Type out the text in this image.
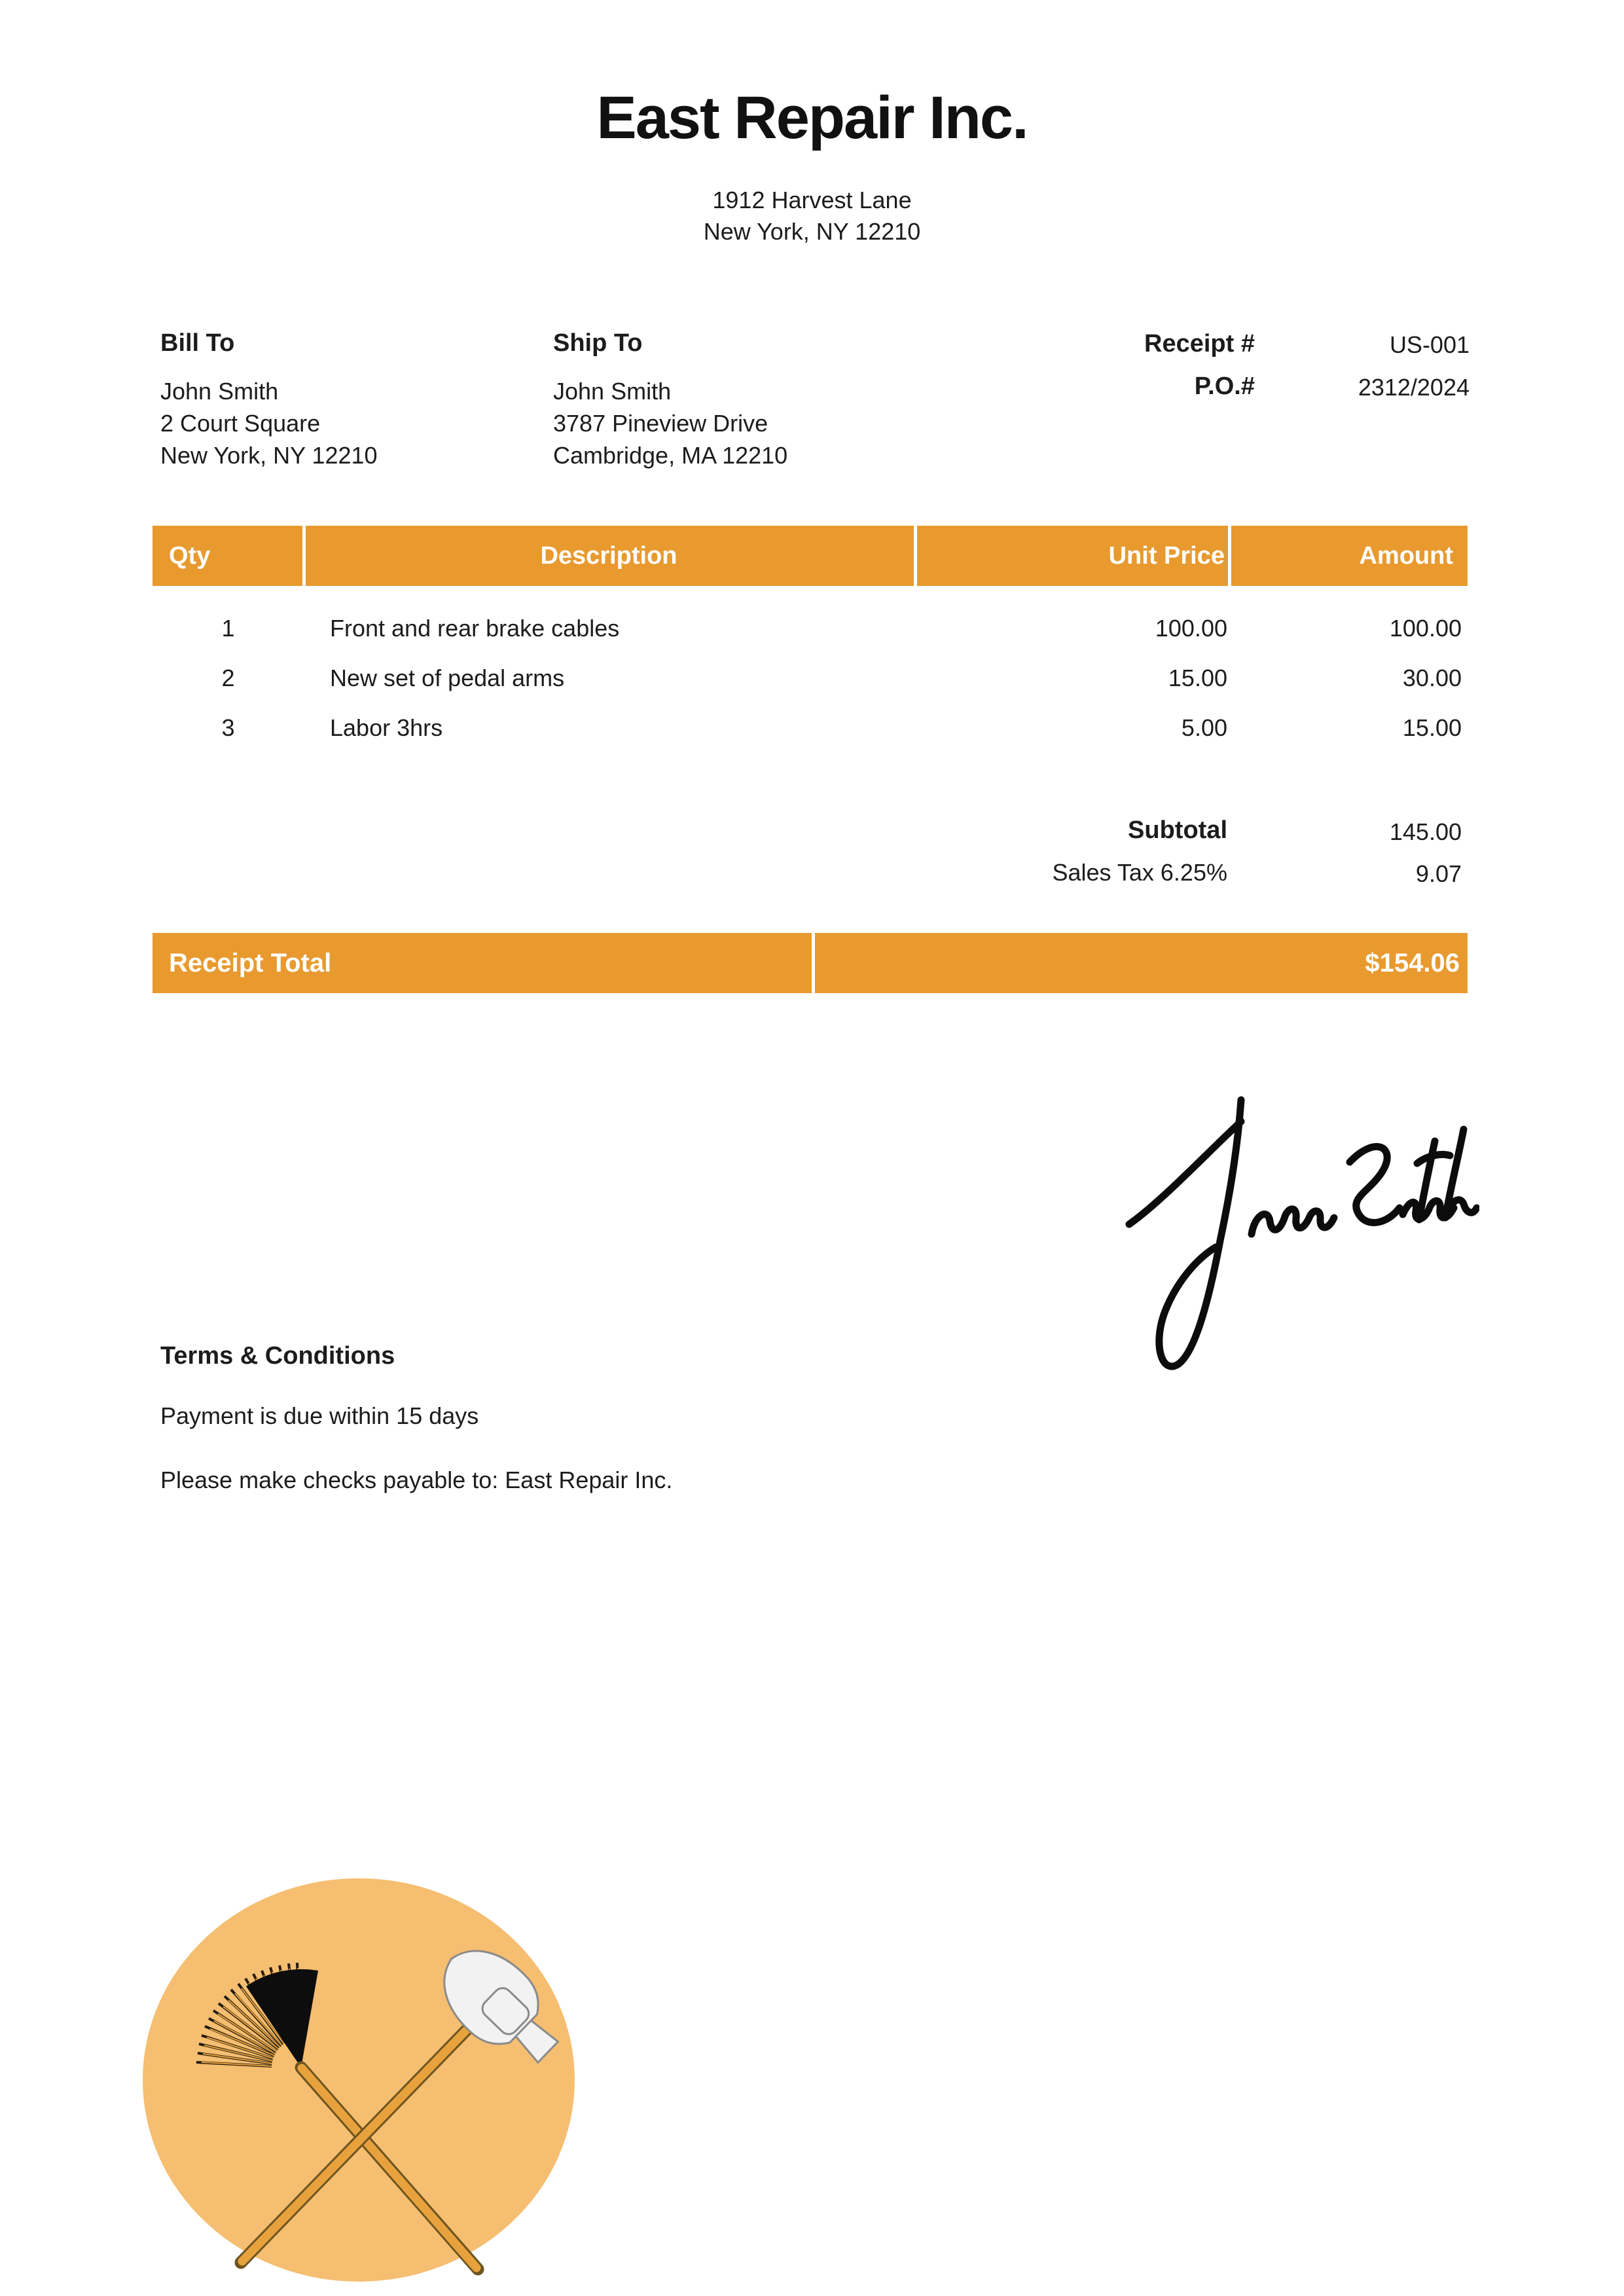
East Repair Inc.
1912 Harvest Lane
New York, NY 12210
Bill To
John Smith
2 Court Square
New York, NY 12210
Ship To
John Smith
3787 Pineview Drive
Cambridge, MA 12210
Receipt #	US-001
P.O.#	2312/2024
Qty	Description	Unit Price	Amount
1	Front and rear brake cables	100.00	100.00
2	New set of pedal arms	15.00	30.00
3	Labor 3hrs	5.00	15.00
Subtotal	145.00
Sales Tax 6.25%	9.07
Receipt Total	$154.06
Terms & Conditions
Payment is due within 15 days
Please make checks payable to: East Repair Inc.
